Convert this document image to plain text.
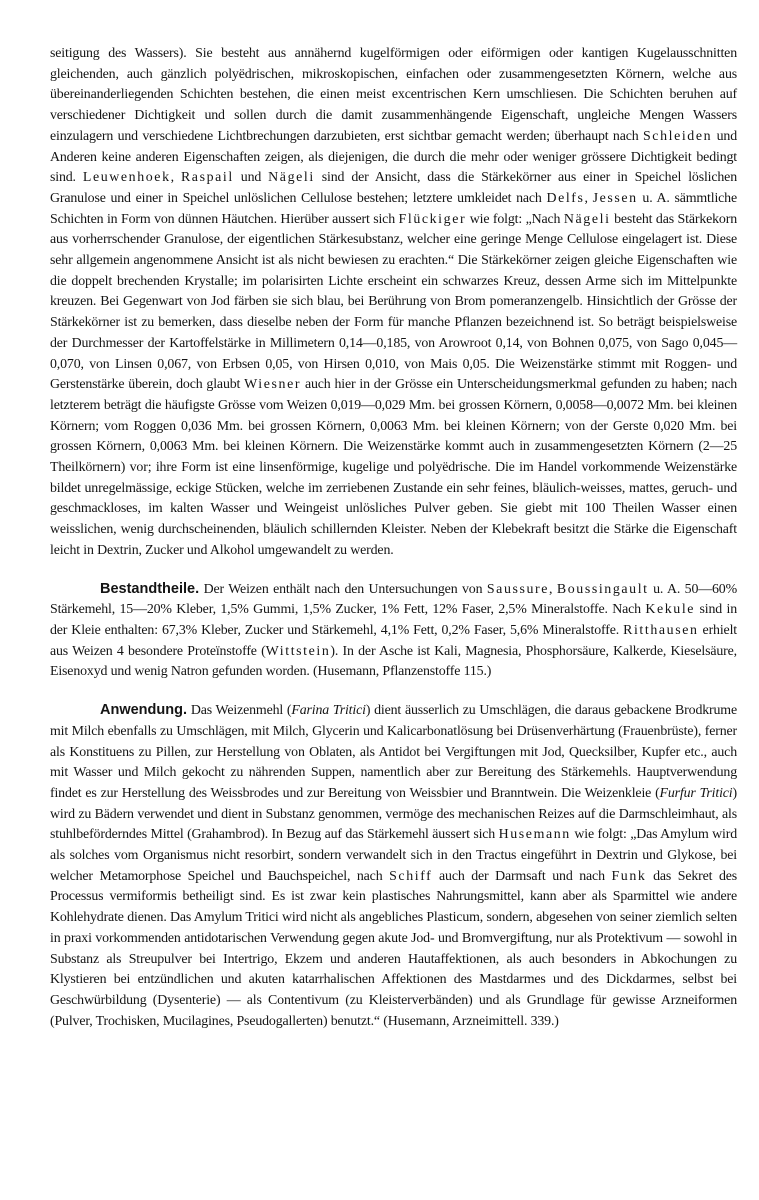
seitigung des Wassers). Sie besteht aus annähernd kugelförmigen oder eiförmigen oder kantigen Kugelausschnitten gleichenden, auch gänzlich polyëdrischen, mikroskopischen, einfachen oder zusammengesetzten Körnern, welche aus übereinanderliegenden Schichten bestehen, die einen meist excentrischen Kern umschliesen. Die Schichten beruhen auf verschiedener Dichtigkeit und sollen durch die damit zusammenhängende Eigenschaft, ungleiche Mengen Wassers einzulagern und verschiedene Lichtbrechungen darzubieten, erst sichtbar gemacht werden; überhaupt nach Schleiden und Anderen keine anderen Eigenschaften zeigen, als diejenigen, die durch die mehr oder weniger grössere Dichtigkeit bedingt sind. Leuwenhoek, Raspail und Nägeli sind der Ansicht, dass die Stärkekörner aus einer in Speichel löslichen Granulose und einer in Speichel unlöslichen Cellulose bestehen; letztere umkleidet nach Delfs, Jessen u. A. sämmtliche Schichten in Form von dünnen Häutchen. Hierüber aussert sich Flückiger wie folgt: „Nach Nägeli besteht das Stärkekorn aus vorherrschender Granulose, der eigentlichen Stärkesubstanz, welcher eine geringe Menge Cellulose eingelagert ist. Diese sehr allgemein angenommene Ansicht ist als nicht bewiesen zu erachten.“ Die Stärkekörner zeigen gleiche Eigenschaften wie die doppelt brechenden Krystalle; im polarisirten Lichte erscheint ein schwarzes Kreuz, dessen Arme sich im Mittelpunkte kreuzen. Bei Gegenwart von Jod färben sie sich blau, bei Berührung von Brom pomeranzengelb. Hinsichtlich der Grösse der Stärkekörner ist zu bemerken, dass dieselbe neben der Form für manche Pflanzen bezeichnend ist. So beträgt beispielsweise der Durchmesser der Kartoffelstärke in Millimetern 0,14—0,185, von Arowroot 0,14, von Bohnen 0,075, von Sago 0,045—0,070, von Linsen 0,067, von Erbsen 0,05, von Hirsen 0,010, von Mais 0,05. Die Weizenstärke stimmt mit Roggen- und Gerstenstärke überein, doch glaubt Wiesner auch hier in der Grösse ein Unterscheidungsmerkmal gefunden zu haben; nach letzterem beträgt die häufigste Grösse vom Weizen 0,019—0,029 Mm. bei grossen Körnern, 0,0058—0,0072 Mm. bei kleinen Körnern; vom Roggen 0,036 Mm. bei grossen Körnern, 0,0063 Mm. bei kleinen Körnern; von der Gerste 0,020 Mm. bei grossen Körnern, 0,0063 Mm. bei kleinen Körnern. Die Weizenstärke kommt auch in zusammengesetzten Körnern (2—25 Theilkörnern) vor; ihre Form ist eine linsenförmige, kugelige und polyëdrische. Die im Handel vorkommende Weizenstärke bildet unregelmässige, eckige Stücken, welche im zerriebenen Zustande ein sehr feines, bläulich-weisses, mattes, geruch- und geschmackloses, im kalten Wasser und Weingeist unlösliches Pulver geben. Sie giebt mit 100 Theilen Wasser einen weisslichen, wenig durchscheinenden, bläulich schillernden Kleister. Neben der Klebekraft besitzt die Stärke die Eigenschaft leicht in Dextrin, Zucker und Alkohol umgewandelt zu werden.

Bestandtheile. Der Weizen enthält nach den Untersuchungen von Saussure, Boussingault u. A. 50—60% Stärkemehl, 15—20% Kleber, 1,5% Gummi, 1,5% Zucker, 1% Fett, 12% Faser, 2,5% Mineralstoffe. Nach Kekule sind in der Kleie enthalten: 67,3% Kleber, Zucker und Stärkemehl, 4,1% Fett, 0,2% Faser, 5,6% Mineralstoffe. Ritthausen erhielt aus Weizen 4 besondere Proteïnstoffe (Wittstein). In der Asche ist Kali, Magnesia, Phosphorsäure, Kalkerde, Kieselsäure, Eisenoxyd und wenig Natron gefunden worden. (Husemann, Pflanzenstoffe 115.)

Anwendung. Das Weizenmehl (Farina Tritici) dient äusserlich zu Umschlägen, die daraus gebackene Brodkrume mit Milch ebenfalls zu Umschlägen, mit Milch, Glycerin und Kalicarbonatlösung bei Drüsenverhärtung (Frauenbrüste), ferner als Konstituens zu Pillen, zur Herstellung von Oblaten, als Antidot bei Vergiftungen mit Jod, Quecksilber, Kupfer etc., auch mit Wasser und Milch gekocht zu nährenden Suppen, namentlich aber zur Bereitung des Stärkemehls. Hauptverwendung findet es zur Herstellung des Weissbrodes und zur Bereitung von Weissbier und Branntwein. Die Weizenkleie (Furfur Tritici) wird zu Bädern verwendet und dient in Substanz genommen, vermöge des mechanischen Reizes auf die Darmschleimhaut, als stuhlbeförderndes Mittel (Grahambrod). In Bezug auf das Stärkemehl äussert sich Husemann wie folgt: „Das Amylum wird als solches vom Organismus nicht resorbirt, sondern verwandelt sich in den Tractus eingeführt in Dextrin und Glykose, bei welcher Metamorphose Speichel und Bauchspeichel, nach Schiff auch der Darmsaft und nach Funk das Sekret des Processus vermiformis betheiligt sind. Es ist zwar kein plastisches Nahrungsmittel, kann aber als Sparmittel wie andere Kohlehydrate dienen. Das Amylum Tritici wird nicht als angebliches Plasticum, sondern, abgesehen von seiner ziemlich selten in praxi vorkommenden antidotarischen Verwendung gegen akute Jod- und Bromvergiftung, nur als Protektivum — sowohl in Substanz als Streupulver bei Intertrigo, Ekzem und anderen Hautaffektionen, als auch besonders in Abkochungen zu Klystieren bei entzündlichen und akuten katarrhalischen Affektionen des Mastdarmes und des Dickdarmes, selbst bei Geschwürbildung (Dysenterie) — als Contentivum (zu Kleisterverbänden) und als Grundlage für gewisse Arzneiformen (Pulver, Trochisken, Mucilagines, Pseudogallerten) benutzt.“ (Husemann, Arzneimittell. 339.)
